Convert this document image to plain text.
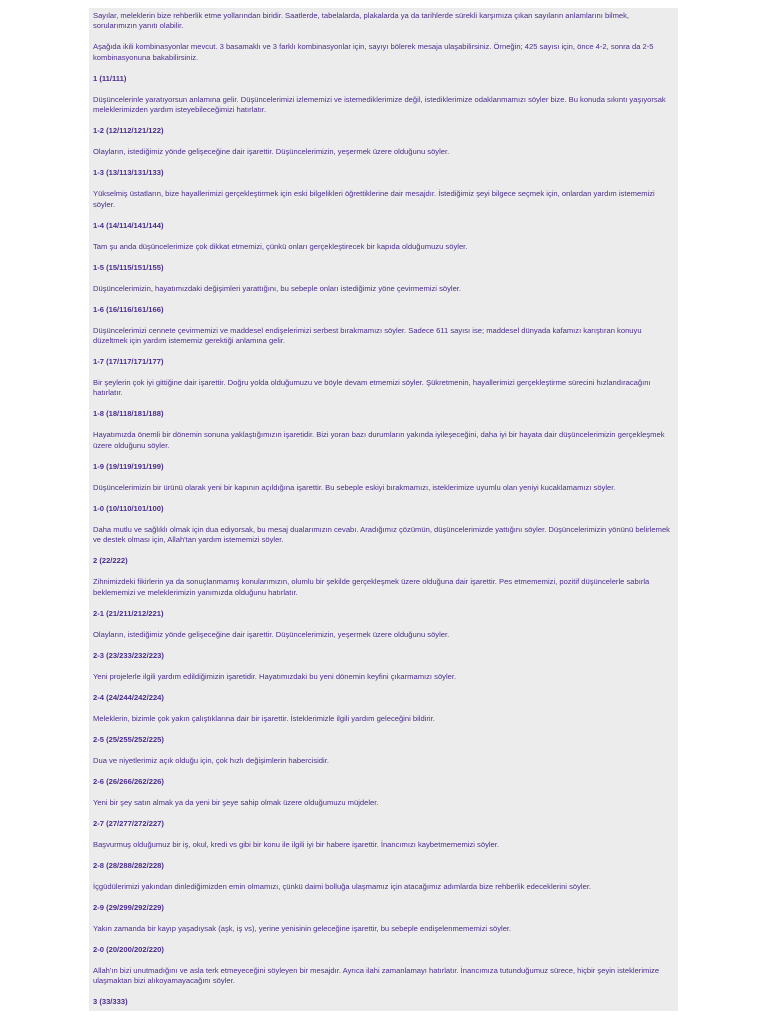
Sayılar, meleklerin bize rehberlik etme yollarından biridir. Saatlerde, tabelalarda, plakalarda ya da tarihlerde sürekli karşımıza çıkan sayıların anlamlarını bilmek, sorularımızın yanıtı olabilir.

Aşağıda ikili kombinasyonlar mevcut. 3 basamaklı ve 3 farklı kombinasyonlar için, sayıyı bölerek mesaja ulaşabilirsiniz. Örneğin; 425 sayısı için, önce 4-2, sonra da 2-5 kombinasyonuna bakabilirsiniz.

1 (11/111)

Düşüncelerinle yaratıyorsun anlamına gelir. Düşüncelerimizi izlememizi ve istemediklerimize değil, istediklerimize odaklanmamızı söyler bize. Bu konuda sıkıntı yaşıyorsak meleklerimizden yardım isteyebileceğimizi hatırlatır.

1-2 (12/112/121/122)

Olayların, istediğimiz yönde gelişeceğine dair işarettir. Düşüncelerimizin, yeşermek üzere olduğunu söyler.

1-3 (13/113/131/133)

Yükselmiş üstatların, bize hayallerimizi gerçekleştirmek için eski bilgelikleri öğrettiklerine dair mesajdır. İstediğimiz şeyi bilgece seçmek için, onlardan yardım istememizi söyler.

1-4 (14/114/141/144)

Tam şu anda düşüncelerimize çok dikkat etmemizi, çünkü onları gerçekleştirecek bir kapıda olduğumuzu söyler.

1-5 (15/115/151/155)

Düşüncelerimizin, hayatımızdaki değişimleri yarattığını, bu sebeple onları istediğimiz yöne çevirmemizi söyler.

1-6 (16/116/161/166)

Düşüncelerimizi cennete çevirmemizi ve maddesel endişelerimizi serbest bırakmamızı söyler. Sadece 611 sayısı ise; maddesel dünyada kafamızı karıştıran konuyu düzeltmek için yardım istememiz gerektiği anlamına gelir.

1-7 (17/117/171/177)

Bir şeylerin çok iyi gittiğine dair işarettir. Doğru yolda olduğumuzu ve böyle devam etmemizi söyler. Şükretmenin, hayallerimizi gerçekleştirme sürecini hızlandıracağını hatırlatır.

1-8 (18/118/181/188)

Hayatımızda önemli bir dönemin sonuna yaklaştığımızın işaretidir. Bizi yoran bazı durumların yakında iyileşeceğini, daha iyi bir hayata dair düşüncelerimizin gerçekleşmek üzere olduğunu söyler.

1-9 (19/119/191/199)

Düşüncelerimizin bir ürünü olarak yeni bir kapının açıldığına işarettir. Bu sebeple eskiyi bırakmamızı, isteklerimize uyumlu olan yeniyi kucaklamamızı söyler.

1-0 (10/110/101/100)

Daha mutlu ve sağlıklı olmak için dua ediyorsak, bu mesaj dualarımızın cevabı. Aradığımız çözümün, düşüncelerimizde yattığını söyler. Düşüncelerimizin yönünü belirlemek ve destek olması için, Allah'tan yardım istememizi söyler.

2 (22/222)

Zihnimizdeki fikirlerin ya da sonuçlanmamış konularımızın, olumlu bir şekilde gerçekleşmek üzere olduğuna dair işarettir. Pes etmememizi, pozitif düşüncelerle sabırla beklememizi ve meleklerimizin yanımızda olduğunu hatırlatır.

2-1 (21/211/212/221)

Olayların, istediğimiz yönde gelişeceğine dair işarettir. Düşüncelerimizin, yeşermek üzere olduğunu söyler.

2-3 (23/233/232/223)

Yeni projelerle ilgili yardım edildiğimizin işaretidir. Hayatımızdaki bu yeni dönemin keyfini çıkarmamızı söyler.

2-4 (24/244/242/224)

Meleklerin, bizimle çok yakın çalıştıklarına dair bir işarettir. İsteklerimizle ilgili yardım geleceğini bildirir.

2-5 (25/255/252/225)

Dua ve niyetlerimiz açık olduğu için, çok hızlı değişimlerin habercisidir.

2-6 (26/266/262/226)

Yeni bir şey satın almak ya da yeni bir şeye sahip olmak üzere olduğumuzu müjdeler.

2-7 (27/277/272/227)

Başvurmuş olduğumuz bir iş, okul, kredi vs gibi bir konu ile ilgili iyi bir habere işarettir. İnancımızı kaybetmememizi söyler.

2-8 (28/288/282/228)

İçgüdülerimizi yakından dinlediğimizden emin olmamızı, çünkü daimi bolluğa ulaşmamız için atacağımız adımlarda bize rehberlik edeceklerini söyler.

2-9 (29/299/292/229)

Yakın zamanda bir kayıp yaşadıysak (aşk, iş vs), yerine yenisinin geleceğine işarettir, bu sebeple endişelenmememizi söyler.

2-0 (20/200/202/220)

Allah'ın bizi unutmadığını ve asla terk etmeyeceğini söyleyen bir mesajdır. Ayrıca ilahi zamanlamayı hatırlatır. İnancımıza tutunduğumuz sürece, hiçbir şeyin isteklerimize ulaşmaktan bizi alıkoyamayacağını söyler.

3 (33/333)
